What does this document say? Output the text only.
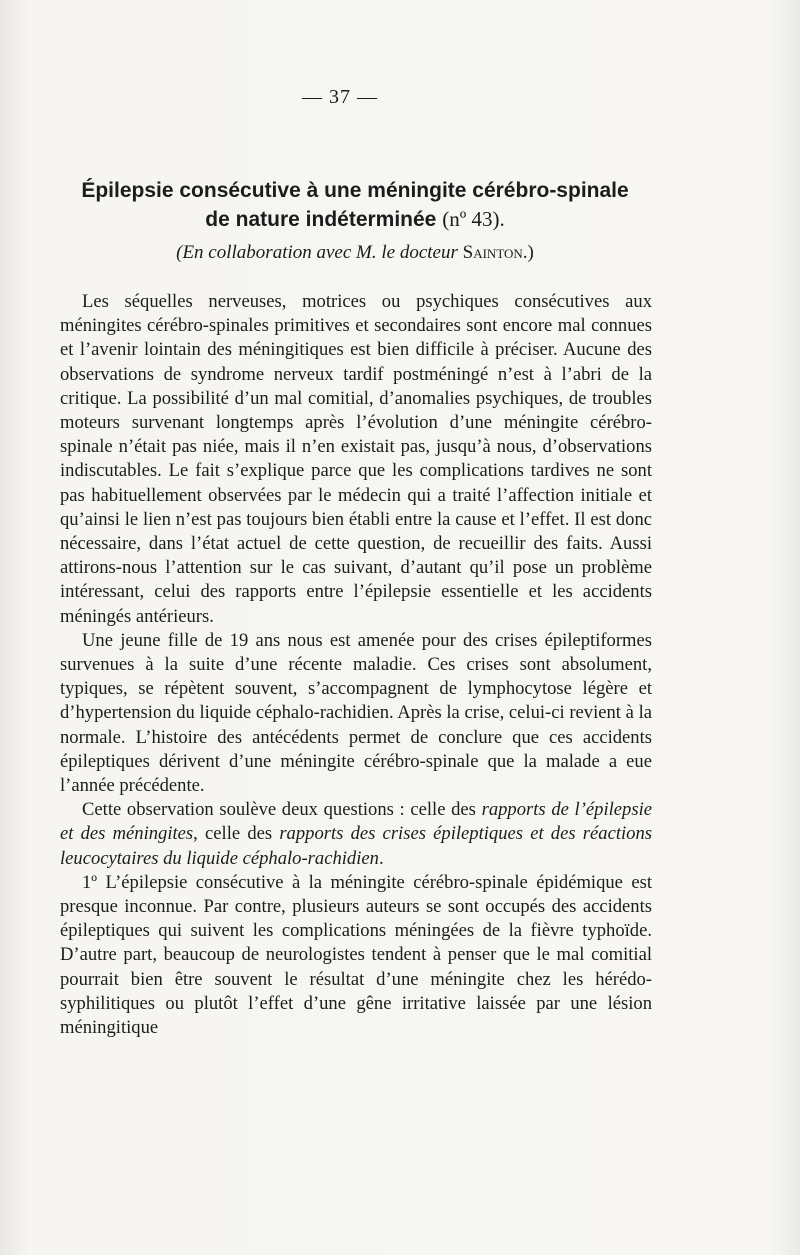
— 37 —
Épilepsie consécutive à une méningite cérébro-spinale
de nature indéterminée (nº 43).
(En collaboration avec M. le docteur Sainton.)

Les séquelles nerveuses, motrices ou psychiques consécutives aux méningites cérébro-spinales primitives et secondaires sont encore mal connues et l’avenir lointain des méningitiques est bien difficile à préciser. Aucune des observations de syndrome nerveux tardif postméningé n’est à l’abri de la critique. La possibilité d’un mal comitial, d’anomalies psychiques, de troubles moteurs survenant longtemps après l’évolution d’une méningite cérébro-spinale n’était pas niée, mais il n’en existait pas, jusqu’à nous, d’observations indiscutables. Le fait s’explique parce que les complications tardives ne sont pas habituellement observées par le médecin qui a traité l’affection initiale et qu’ainsi le lien n’est pas toujours bien établi entre la cause et l’effet. Il est donc nécessaire, dans l’état actuel de cette question, de recueillir des faits. Aussi attirons-nous l’attention sur le cas suivant, d’autant qu’il pose un problème intéressant, celui des rapports entre l’épilepsie essentielle et les accidents méningés antérieurs.

Une jeune fille de 19 ans nous est amenée pour des crises épileptiformes survenues à la suite d’une récente maladie. Ces crises sont absolument, typiques, se répètent souvent, s’accompagnent de lymphocytose légère et d’hypertension du liquide céphalo-rachidien. Après la crise, celui-ci revient à la normale. L’histoire des antécédents permet de conclure que ces accidents épileptiques dérivent d’une méningite cérébro-spinale que la malade a eue l’année précédente.

Cette observation soulève deux questions : celle des rapports de l’épilepsie et des méningites, celle des rapports des crises épileptiques et des réactions leucocytaires du liquide céphalo-rachidien.

1º L’épilepsie consécutive à la méningite cérébro-spinale épidémique est presque inconnue. Par contre, plusieurs auteurs se sont occupés des accidents épileptiques qui suivent les complications méningées de la fièvre typhoïde. D’autre part, beaucoup de neurologistes tendent à penser que le mal comitial pourrait bien être souvent le résultat d’une méningite chez les hérédo-syphilitiques ou plutôt l’effet d’une gêne irritative laissée par une lésion méningitique
